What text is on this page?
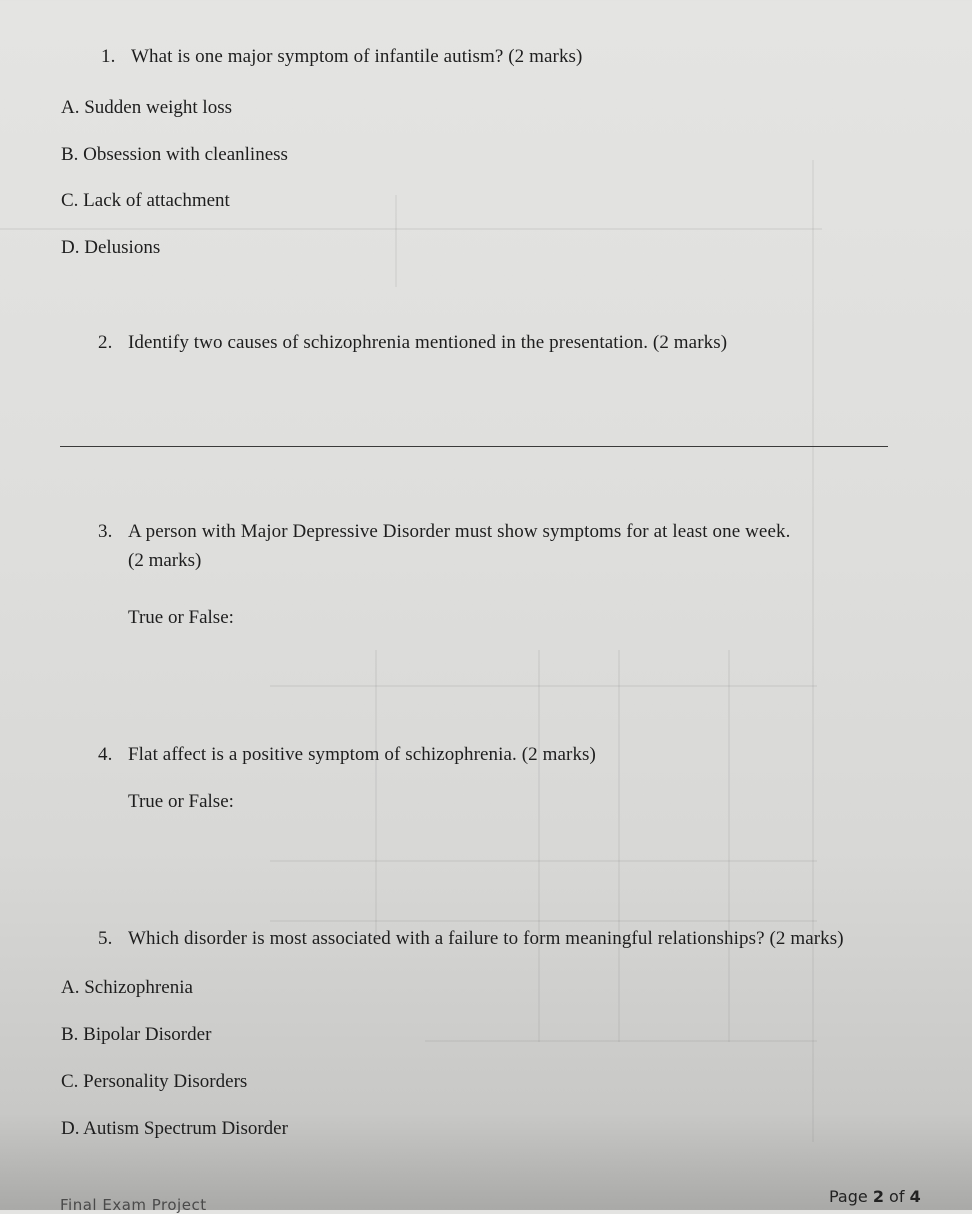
1. What is one major symptom of infantile autism? (2 marks)
A. Sudden weight loss
B. Obsession with cleanliness
C. Lack of attachment
D. Delusions
2. Identify two causes of schizophrenia mentioned in the presentation. (2 marks)
3. A person with Major Depressive Disorder must show symptoms for at least one week.
(2 marks)
True or False:
4. Flat affect is a positive symptom of schizophrenia. (2 marks)
True or False:
5. Which disorder is most associated with a failure to form meaningful relationships? (2 marks)
A. Schizophrenia
B. Bipolar Disorder
C. Personality Disorders
D. Autism Spectrum Disorder
Final Exam Project	Page 2 of 4
